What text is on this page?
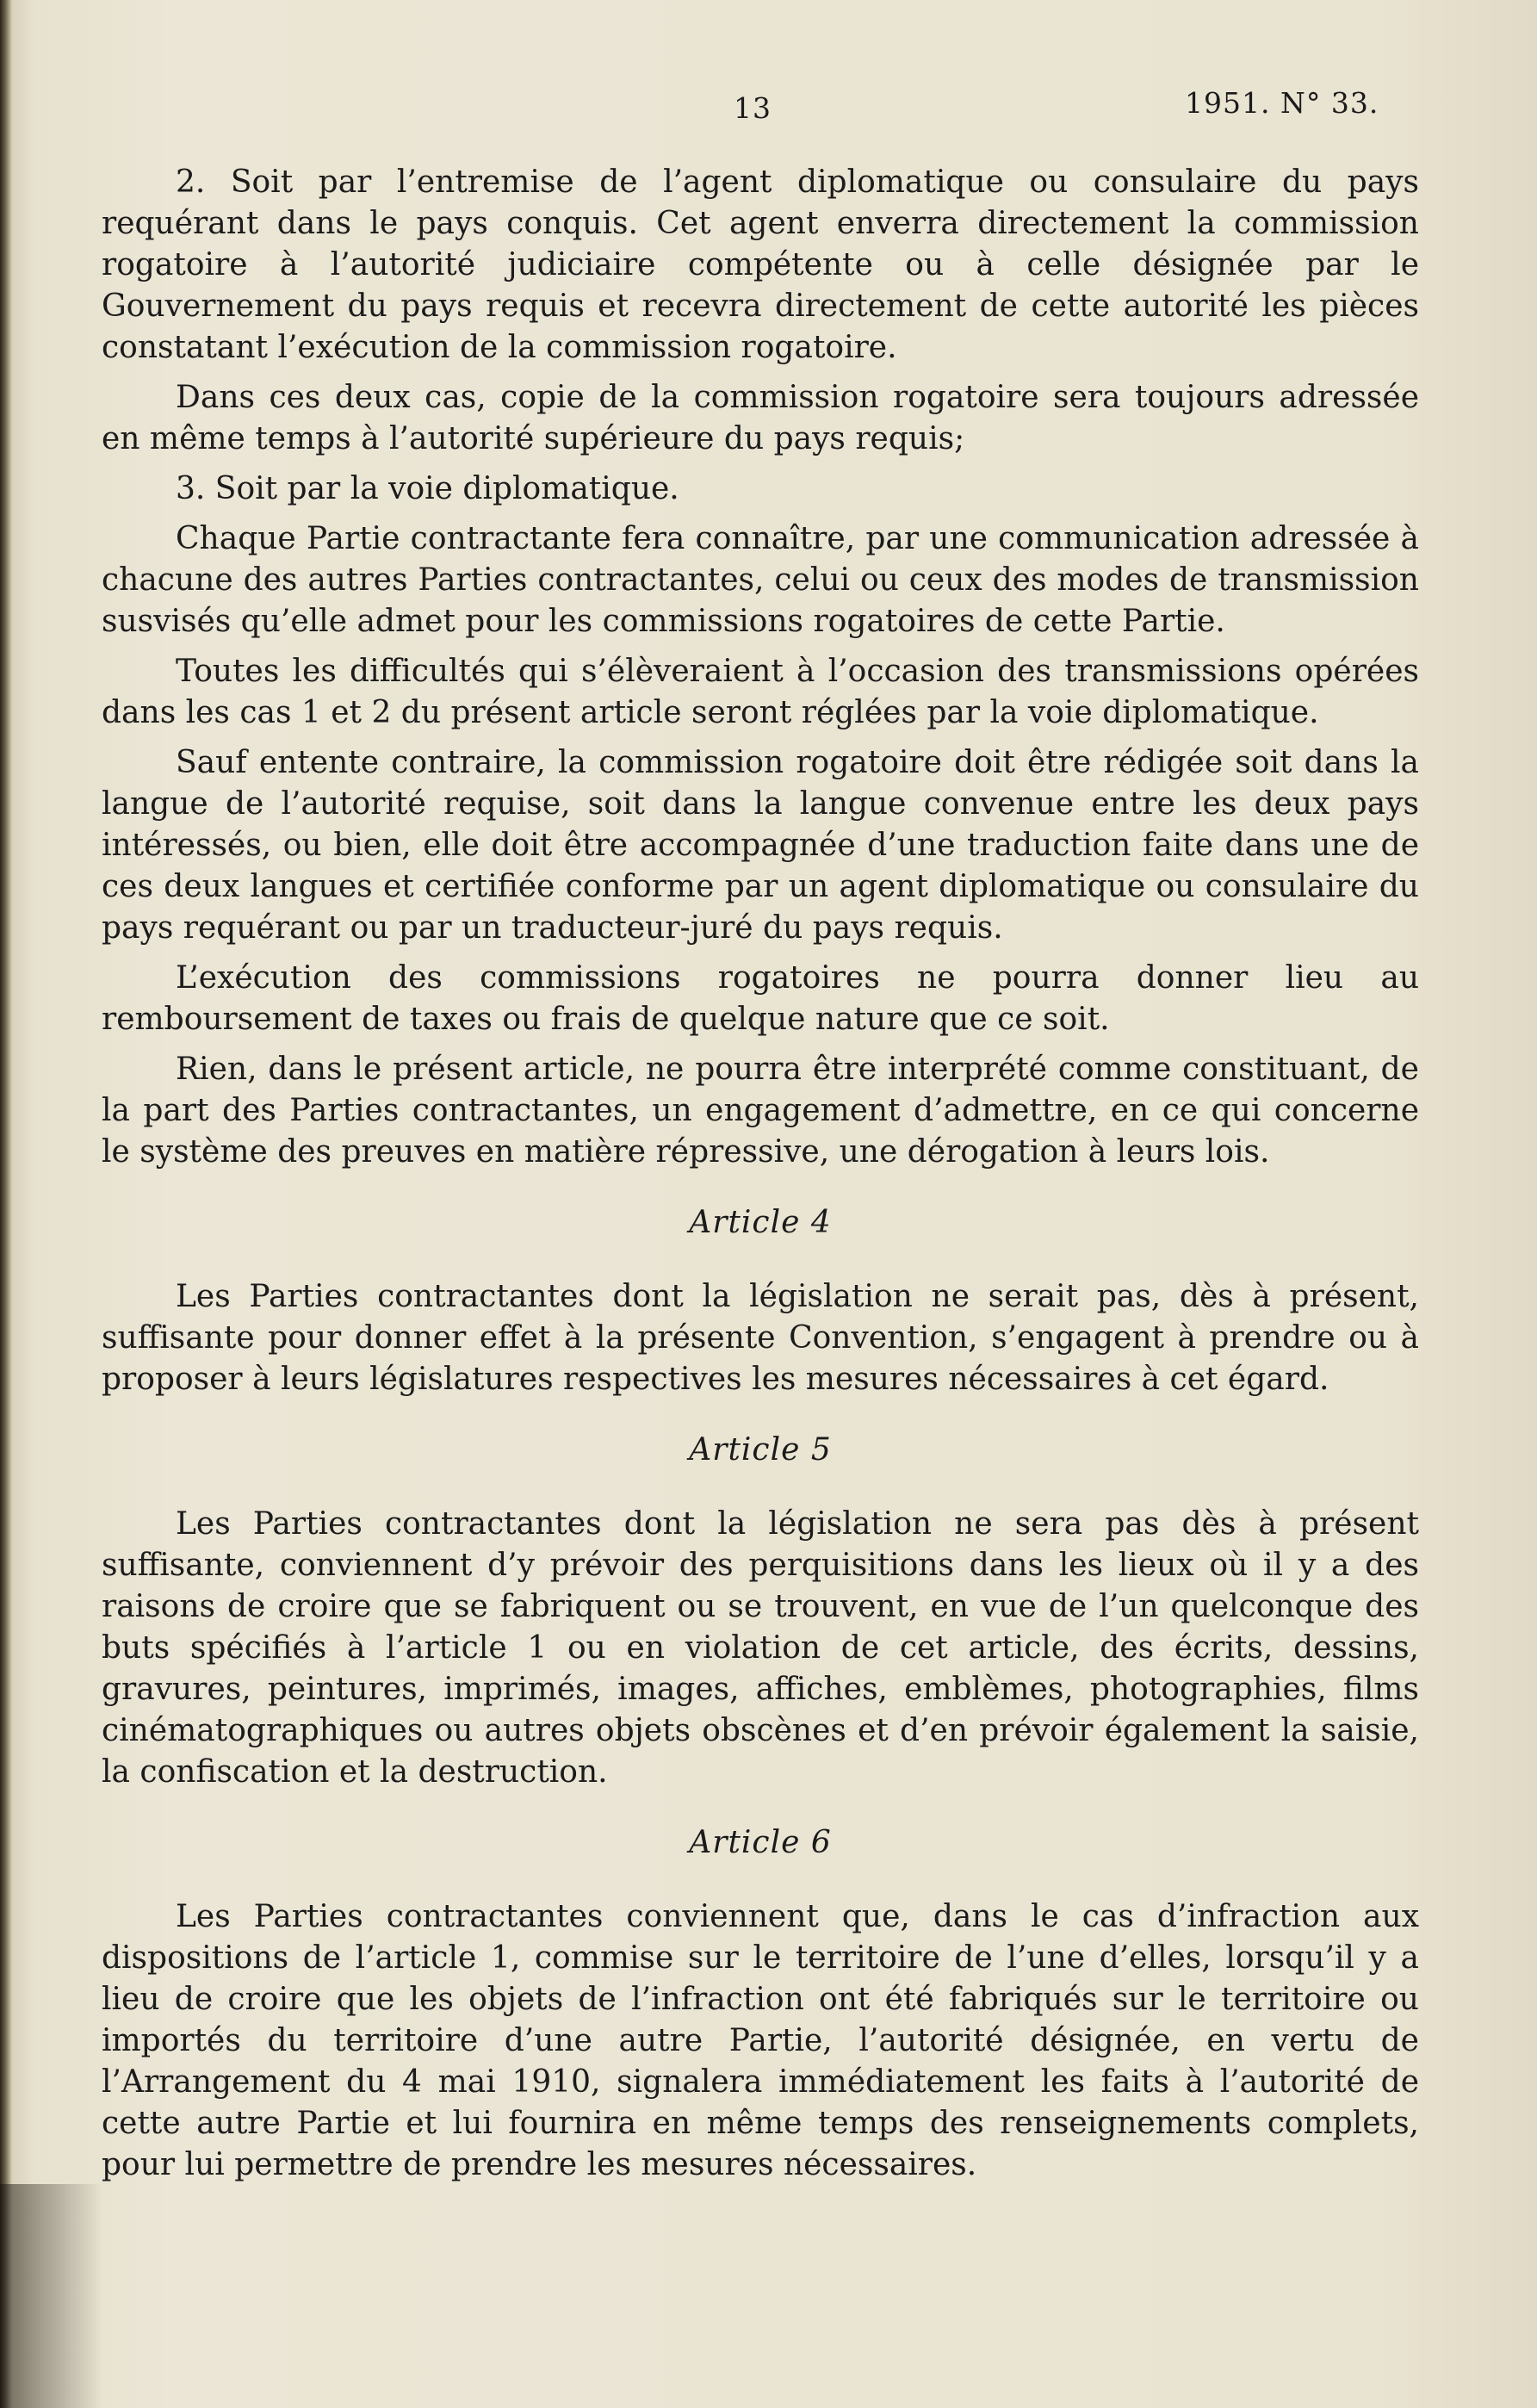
13	1951. N° 33.

2. Soit par l’entremise de l’agent diplomatique ou consulaire du pays requérant dans le pays conquis. Cet agent enverra directement la commission rogatoire à l’autorité judiciaire compétente ou à celle désignée par le Gouvernement du pays requis et recevra directement de cette autorité les pièces constatant l’exécution de la commission rogatoire.

Dans ces deux cas, copie de la commission rogatoire sera toujours adressée en même temps à l’autorité supérieure du pays requis;

3. Soit par la voie diplomatique.

Chaque Partie contractante fera connaître, par une communication adressée à chacune des autres Parties contractantes, celui ou ceux des modes de transmission susvisés qu’elle admet pour les commissions rogatoires de cette Partie.

Toutes les difficultés qui s’élèveraient à l’occasion des transmissions opérées dans les cas 1 et 2 du présent article seront réglées par la voie diplomatique.

Sauf entente contraire, la commission rogatoire doit être rédigée soit dans la langue de l’autorité requise, soit dans la langue convenue entre les deux pays intéressés, ou bien, elle doit être accompagnée d’une traduction faite dans une de ces deux langues et certifiée conforme par un agent diplomatique ou consulaire du pays requérant ou par un traducteur-juré du pays requis.

L’exécution des commissions rogatoires ne pourra donner lieu au remboursement de taxes ou frais de quelque nature que ce soit.

Rien, dans le présent article, ne pourra être interprété comme constituant, de la part des Parties contractantes, un engagement d’admettre, en ce qui concerne le système des preuves en matière répressive, une dérogation à leurs lois.

Article 4

Les Parties contractantes dont la législation ne serait pas, dès à présent, suffisante pour donner effet à la présente Convention, s’engagent à prendre ou à proposer à leurs législatures respectives les mesures nécessaires à cet égard.

Article 5

Les Parties contractantes dont la législation ne sera pas dès à présent suffisante, conviennent d’y prévoir des perquisitions dans les lieux où il y a des raisons de croire que se fabriquent ou se trouvent, en vue de l’un quelconque des buts spécifiés à l’article 1 ou en violation de cet article, des écrits, dessins, gravures, peintures, imprimés, images, affiches, emblèmes, photographies, films cinématographiques ou autres objets obscènes et d’en prévoir également la saisie, la confiscation et la destruction.

Article 6

Les Parties contractantes conviennent que, dans le cas d’infraction aux dispositions de l’article 1, commise sur le territoire de l’une d’elles, lorsqu’il y a lieu de croire que les objets de l’infraction ont été fabriqués sur le territoire ou importés du territoire d’une autre Partie, l’autorité désignée, en vertu de l’Arrangement du 4 mai 1910, signalera immédiatement les faits à l’autorité de cette autre Partie et lui fournira en même temps des renseignements complets, pour lui permettre de prendre les mesures nécessaires.
